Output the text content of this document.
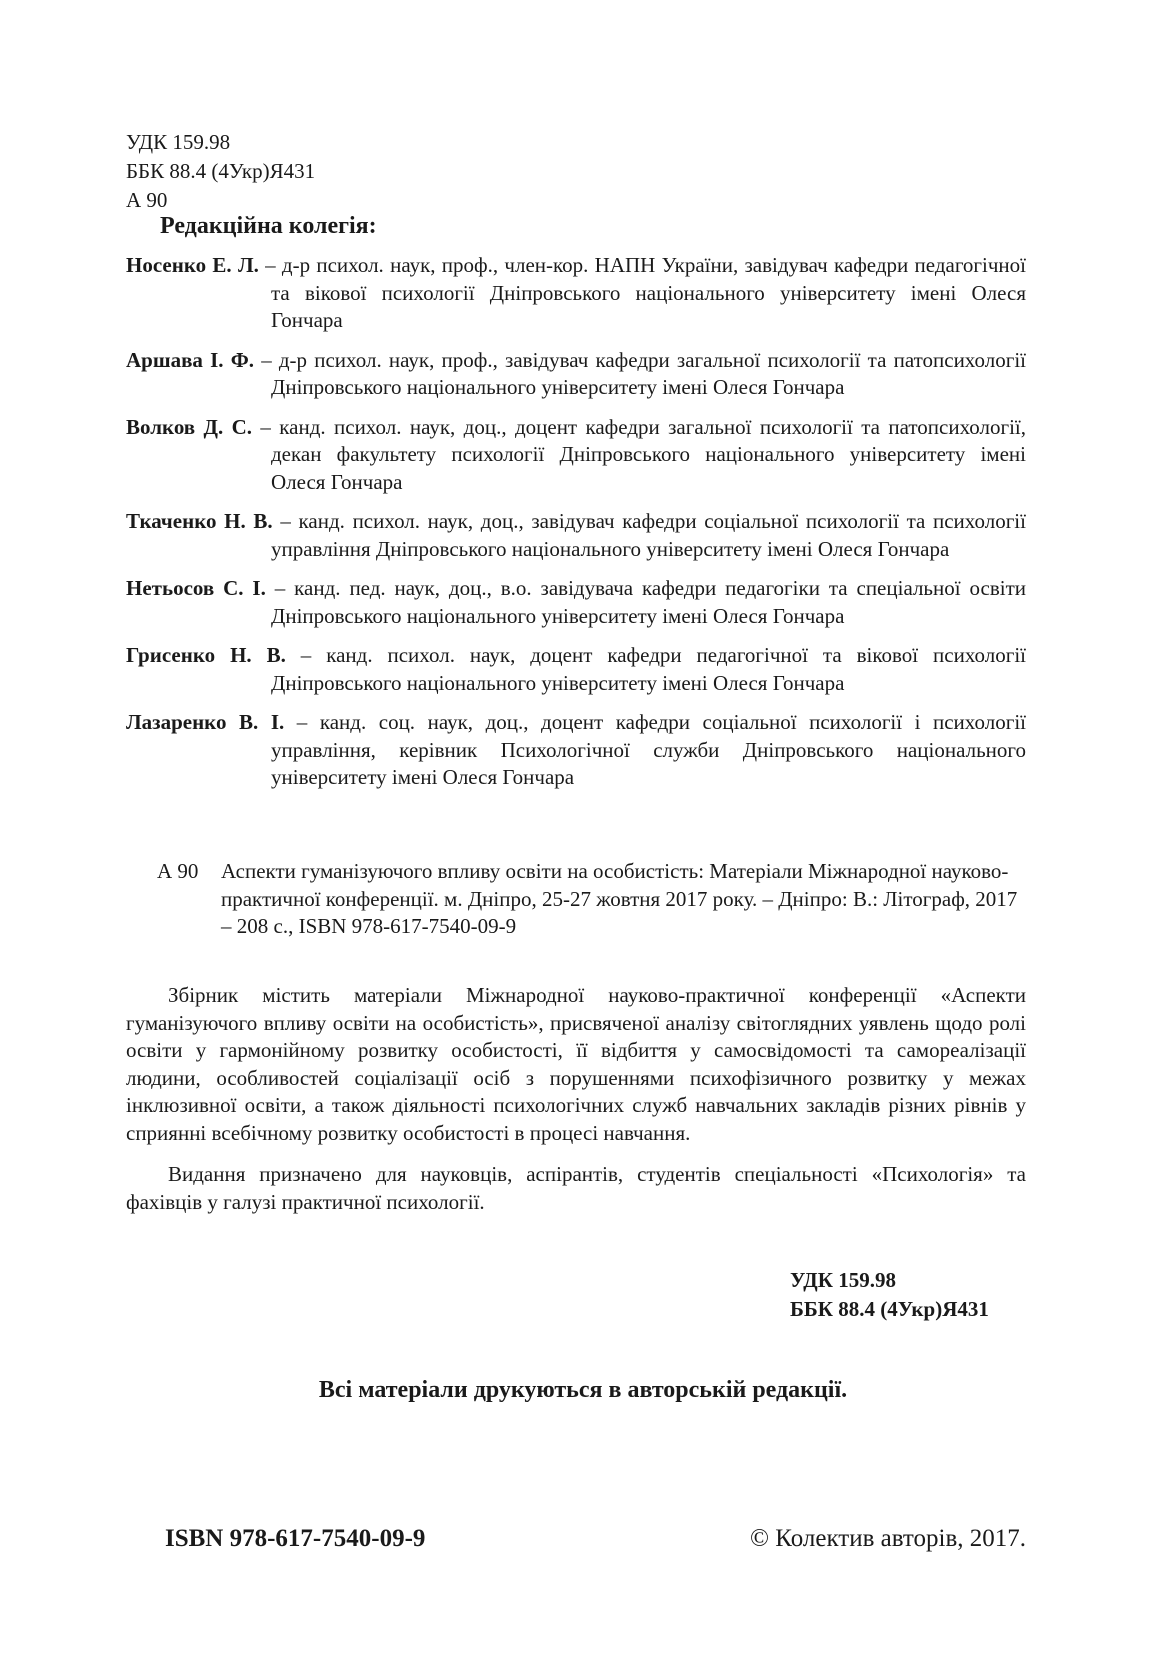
УДК 159.98
ББК 88.4 (4Укр)Я431
А 90
Редакційна колегія:
Носенко Е. Л. – д-р психол. наук, проф., член-кор. НАПН України, завідувач кафедри педагогічної та вікової психології Дніпровського національного університету імені Олеся Гончара
Аршава І. Ф. – д-р психол. наук, проф., завідувач кафедри загальної психології та патопсихології Дніпровського національного університету імені Олеся Гончара
Волков Д. С. – канд. психол. наук, доц., доцент кафедри загальної психології та патопсихології, декан факультету психології Дніпровського національного університету імені Олеся Гончара
Ткаченко Н. В. – канд. психол. наук, доц., завідувач кафедри соціальної психології та психології управління Дніпровського національного університету імені Олеся Гончара
Нетьосов С. І. – канд. пед. наук, доц., в.о. завідувача кафедри педагогіки та спеціальної освіти Дніпровського національного університету імені Олеся Гончара
Грисенко Н. В. – канд. психол. наук, доцент кафедри педагогічної та вікової психології Дніпровського національного університету імені Олеся Гончара
Лазаренко В. І. – канд. соц. наук, доц., доцент кафедри соціальної психології і психології управління, керівник Психологічної служби Дніпровського національного університету імені Олеся Гончара
А 90 Аспекти гуманізуючого впливу освіти на особистість: Матеріали Міжнародної науково-практичної конференції. м. Дніпро, 25-27 жовтня 2017 року. – Дніпро: В.: Літограф, 2017 – 208 с., ISBN 978-617-7540-09-9

Збірник містить матеріали Міжнародної науково-практичної конференції «Аспекти гуманізуючого впливу освіти на особистість», присвяченої аналізу світоглядних уявлень щодо ролі освіти у гармонійному розвитку особистості, її відбиття у самосвідомості та самореалізації людини, особливостей соціалізації осіб з порушеннями психофізичного розвитку у межах інклюзивної освіти, а також діяльності психологічних служб навчальних закладів різних рівнів у сприянні всебічному розвитку особистості в процесі навчання.

Видання призначено для науковців, аспірантів, студентів спеціальності «Психологія» та фахівців у галузі практичної психології.

УДК 159.98
ББК 88.4 (4Укр)Я431
Всі матеріали друкуються в авторській редакції.
ISBN 978-617-7540-09-9	© Колектив авторів, 2017.
